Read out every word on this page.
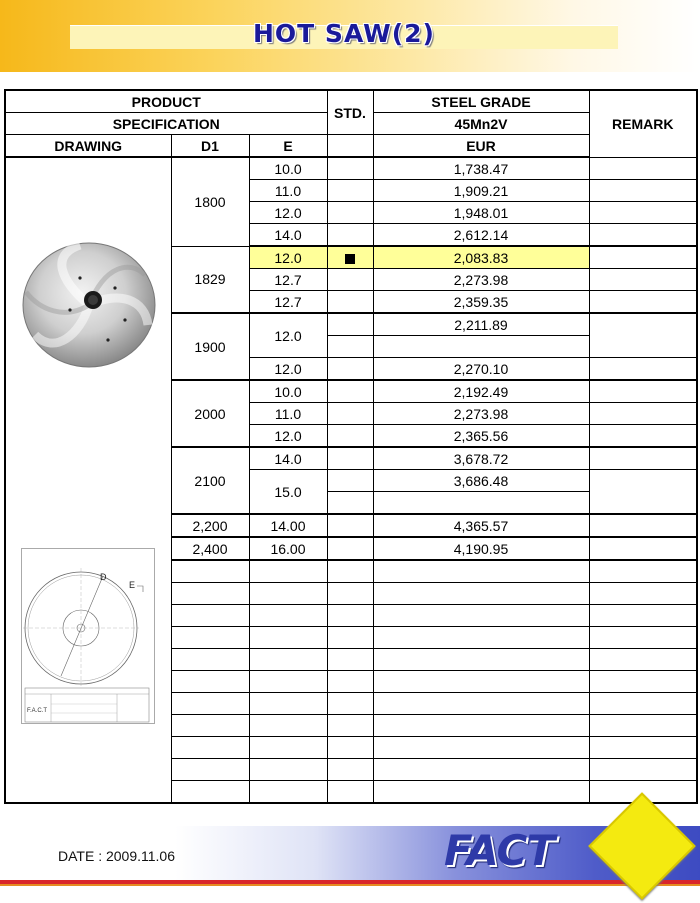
HOT SAW(2)
PRODUCT			STD.	STEEL GRADE	REMARK
SPECIFICATION				45Mn2V	
DRAWING	D1	E		EUR	

D
E
F.A.C.T	1800	10.0		1,738.47	
		11.0		1,909.21	
		12.0		1,948.01	
		14.0		2,612.14	
	1829	12.0		2,083.83	
		12.7		2,273.98	
		12.7		2,359.35	
	1900	12.0		2,211.89	

		12.0		2,270.10	
	2000	10.0		2,192.49	
		11.0		2,273.98	
		12.0		2,365.56	
	2100	14.0		3,678.72	
		15.0		3,686.48	

	2,200	14.00		4,365.57	
	2,400	16.00		4,190.95	

DATE : 2009.11.06	FACT
